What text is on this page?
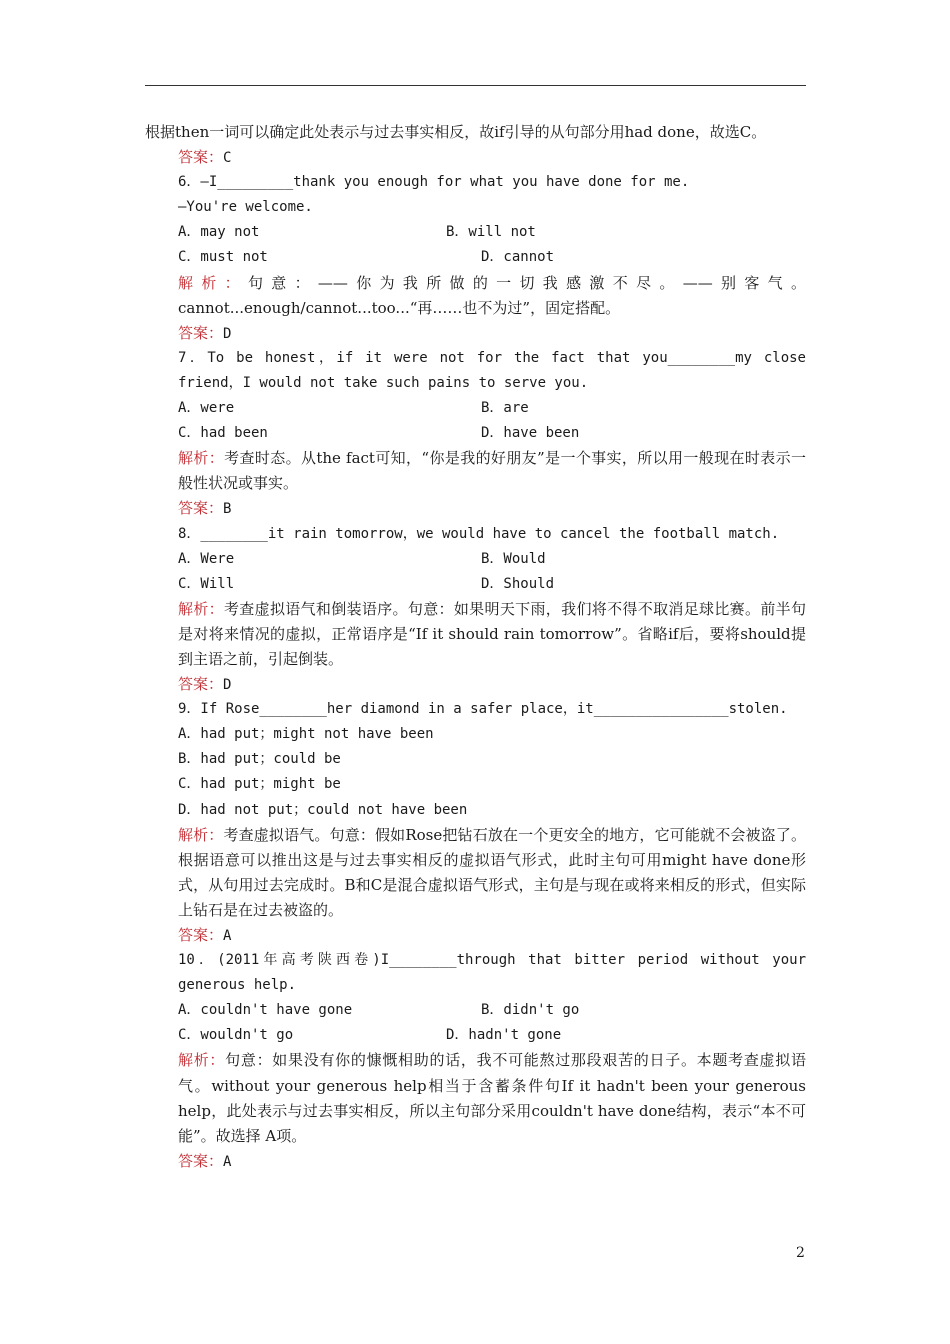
根据then一词可以确定此处表示与过去事实相反，故if引导的从句部分用had done，故选C。
答案：C
6．—I_________thank you enough for what you have done for me.
—You're welcome.
A．may not	B．will not
C．must not	D．cannot
解析：句意：——你为我所做的一切我感激不尽。——别客气。cannot...enough/cannot...too...“再……也不为过”，固定搭配。
答案：D
7．To be honest，if it were not for the fact that you________my close friend，I would not take such pains to serve you.
A．were	B．are
C．had been	D．have been
解析：考查时态。从the fact可知，“你是我的好朋友”是一个事实，所以用一般现在时表示一般性状况或事实。
答案：B
8．________it rain tomorrow，we would have to cancel the football match.
A．Were	B．Would
C．Will	D．Should
解析：考查虚拟语气和倒装语序。句意：如果明天下雨，我们将不得不取消足球比赛。前半句是对将来情况的虚拟，正常语序是“If it should rain tomorrow”。省略if后，要将should提到主语之前，引起倒装。
答案：D
9．If Rose________her diamond in a safer place，it________________stolen.
A．had put；might not have been
B．had put；could be
C．had put；might be
D．had not put；could not have been
解析：考查虚拟语气。句意：假如Rose把钻石放在一个更安全的地方，它可能就不会被盗了。根据语意可以推出这是与过去事实相反的虚拟语气形式，此时主句可用might have done形式，从句用过去完成时。B和C是混合虚拟语气形式，主句是与现在或将来相反的形式，但实际上钻石是在过去被盗的。
答案：A
10．(2011年高考陕西卷)I________through that bitter period without your generous help.
A．couldn't have gone	B．didn't go
C．wouldn't go	D．hadn't gone
解析：句意：如果没有你的慷慨相助的话，我不可能熬过那段艰苦的日子。本题考查虚拟语气。without your generous help相当于含蓄条件句If it hadn't been your generous help，此处表示与过去事实相反，所以主句部分采用couldn't have done结构，表示“本不可能”。故选择 A项。
答案：A
2
